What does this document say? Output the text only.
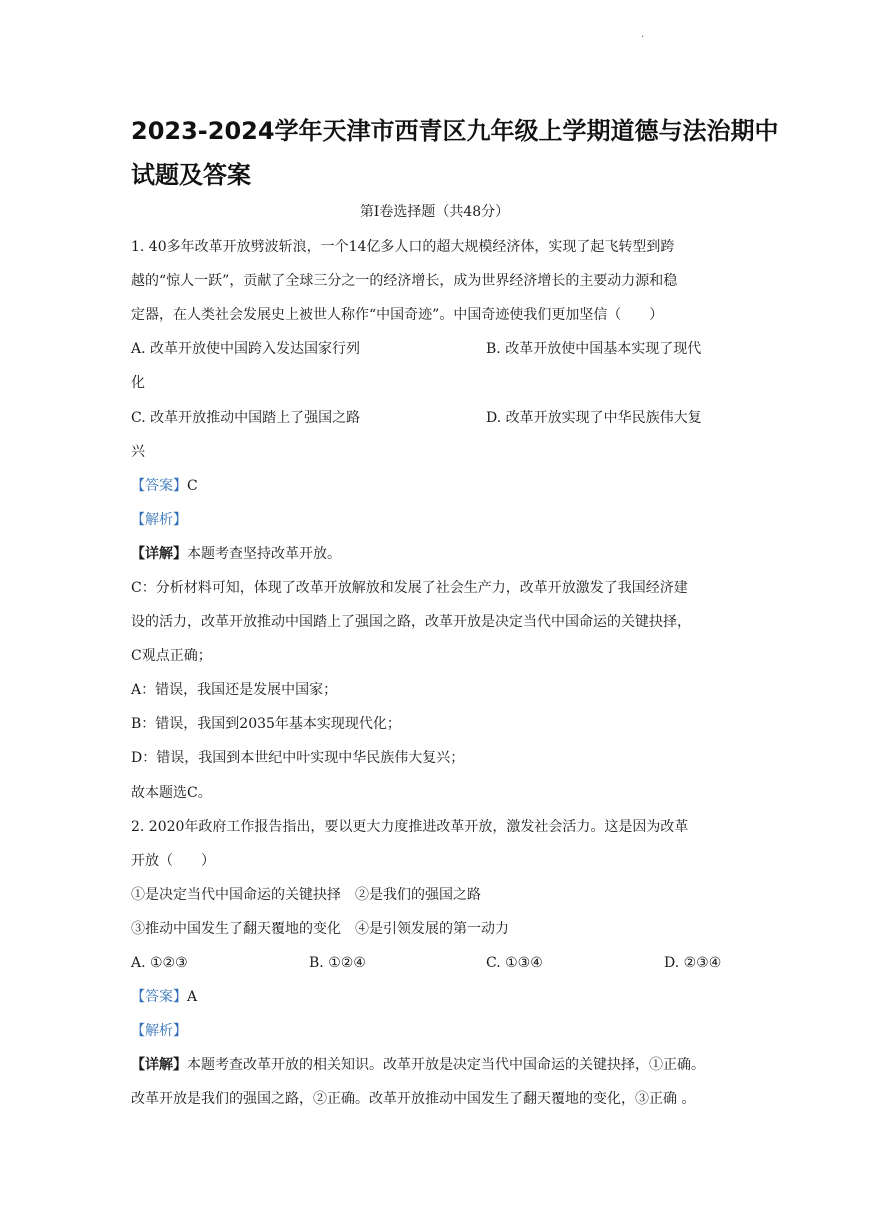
·
2023-2024学年天津市西青区九年级上学期道德与法治期中
试题及答案
第Ⅰ卷选择题（共48分）
1. 40多年改革开放劈波斩浪，一个14亿多人口的超大规模经济体，实现了起飞转型到跨
越的“惊人一跃”，贡献了全球三分之一的经济增长，成为世界经济增长的主要动力源和稳
定器，在人类社会发展史上被世人称作“中国奇迹”。中国奇迹使我们更加坚信（　　）
A. 改革开放使中国跨入发达国家行列	B. 改革开放使中国基本实现了现代
化
C. 改革开放推动中国踏上了强国之路	D. 改革开放实现了中华民族伟大复
兴
【答案】C
【解析】
【详解】本题考查坚持改革开放。
C：分析材料可知，体现了改革开放解放和发展了社会生产力，改革开放激发了我国经济建
设的活力，改革开放推动中国踏上了强国之路，改革开放是决定当代中国命运的关键抉择，
C观点正确；
A：错误，我国还是发展中国家；
B：错误，我国到2035年基本实现现代化；
D：错误，我国到本世纪中叶实现中华民族伟大复兴；
故本题选C。
2. 2020年政府工作报告指出，要以更大力度推进改革开放，激发社会活力。这是因为改革
开放（　　）
①是决定当代中国命运的关键抉择　②是我们的强国之路
③推动中国发生了翻天覆地的变化　④是引领发展的第一动力
A. ①②③	B. ①②④	C. ①③④	D. ②③④
【答案】A
【解析】
【详解】本题考查改革开放的相关知识。改革开放是决定当代中国命运的关键抉择，①正确。
改革开放是我们的强国之路，②正确。改革开放推动中国发生了翻天覆地的变化，③正确 。
